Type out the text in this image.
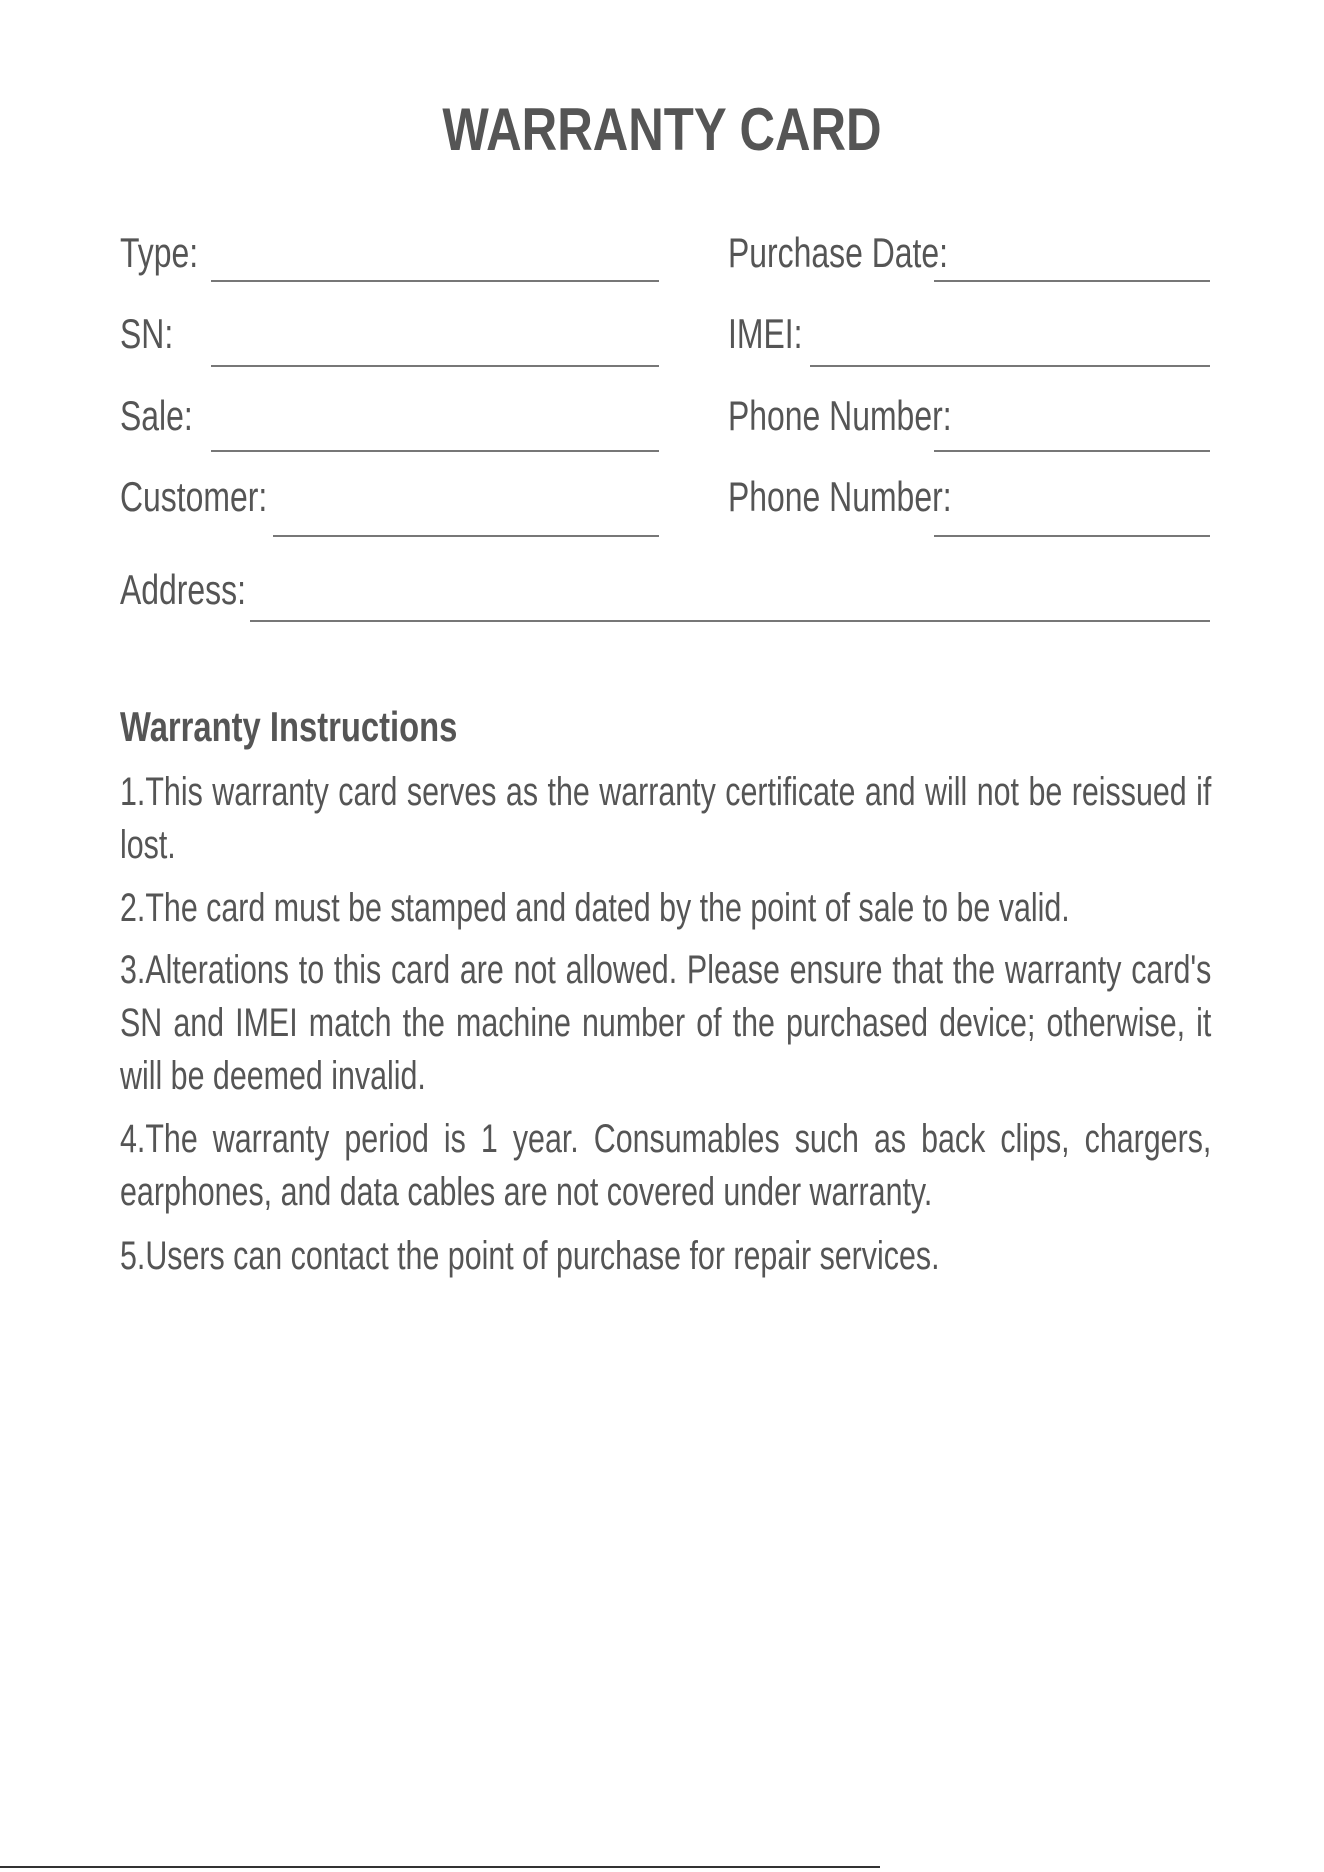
WARRANTY CARD
Type:	Purchase Date:
SN:	IMEI:
Sale:	Phone Number:
Customer:	Phone Number:
Address:
Warranty Instructions
1.This warranty card serves as the warranty certificate and will not be reissued if lost.
2.The card must be stamped and dated by the point of sale to be valid.
3.Alterations to this card are not allowed. Please ensure that the warranty card's SN and IMEI match the machine number of the purchased device; otherwise, it will be deemed invalid.
4.The warranty period is 1 year. Consumables such as back clips, chargers, earphones, and data cables are not covered under warranty.
5.Users can contact the point of purchase for repair services.
